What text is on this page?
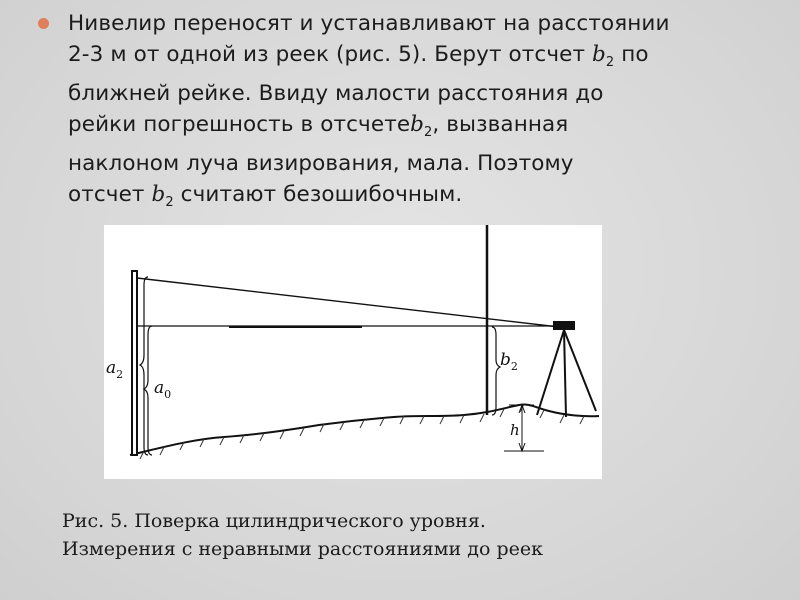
Нивелир переносят и устанавливают на расстоянии
2-3 м от одной из реек (рис. 5). Берут отсчет $b_2$ по
ближней рейке. Ввиду малости расстояния до
рейки погрешность в отсчетеb$_2$, вызванная
наклоном луча визирования, мала. Поэтому
отсчет $b_2$ считают безошибочным.
$a_2$
$a_0$
$b_2$
h
Рис. 5. Поверка цилиндрического уровня.
Измерения с неравными расстояниями до реек
